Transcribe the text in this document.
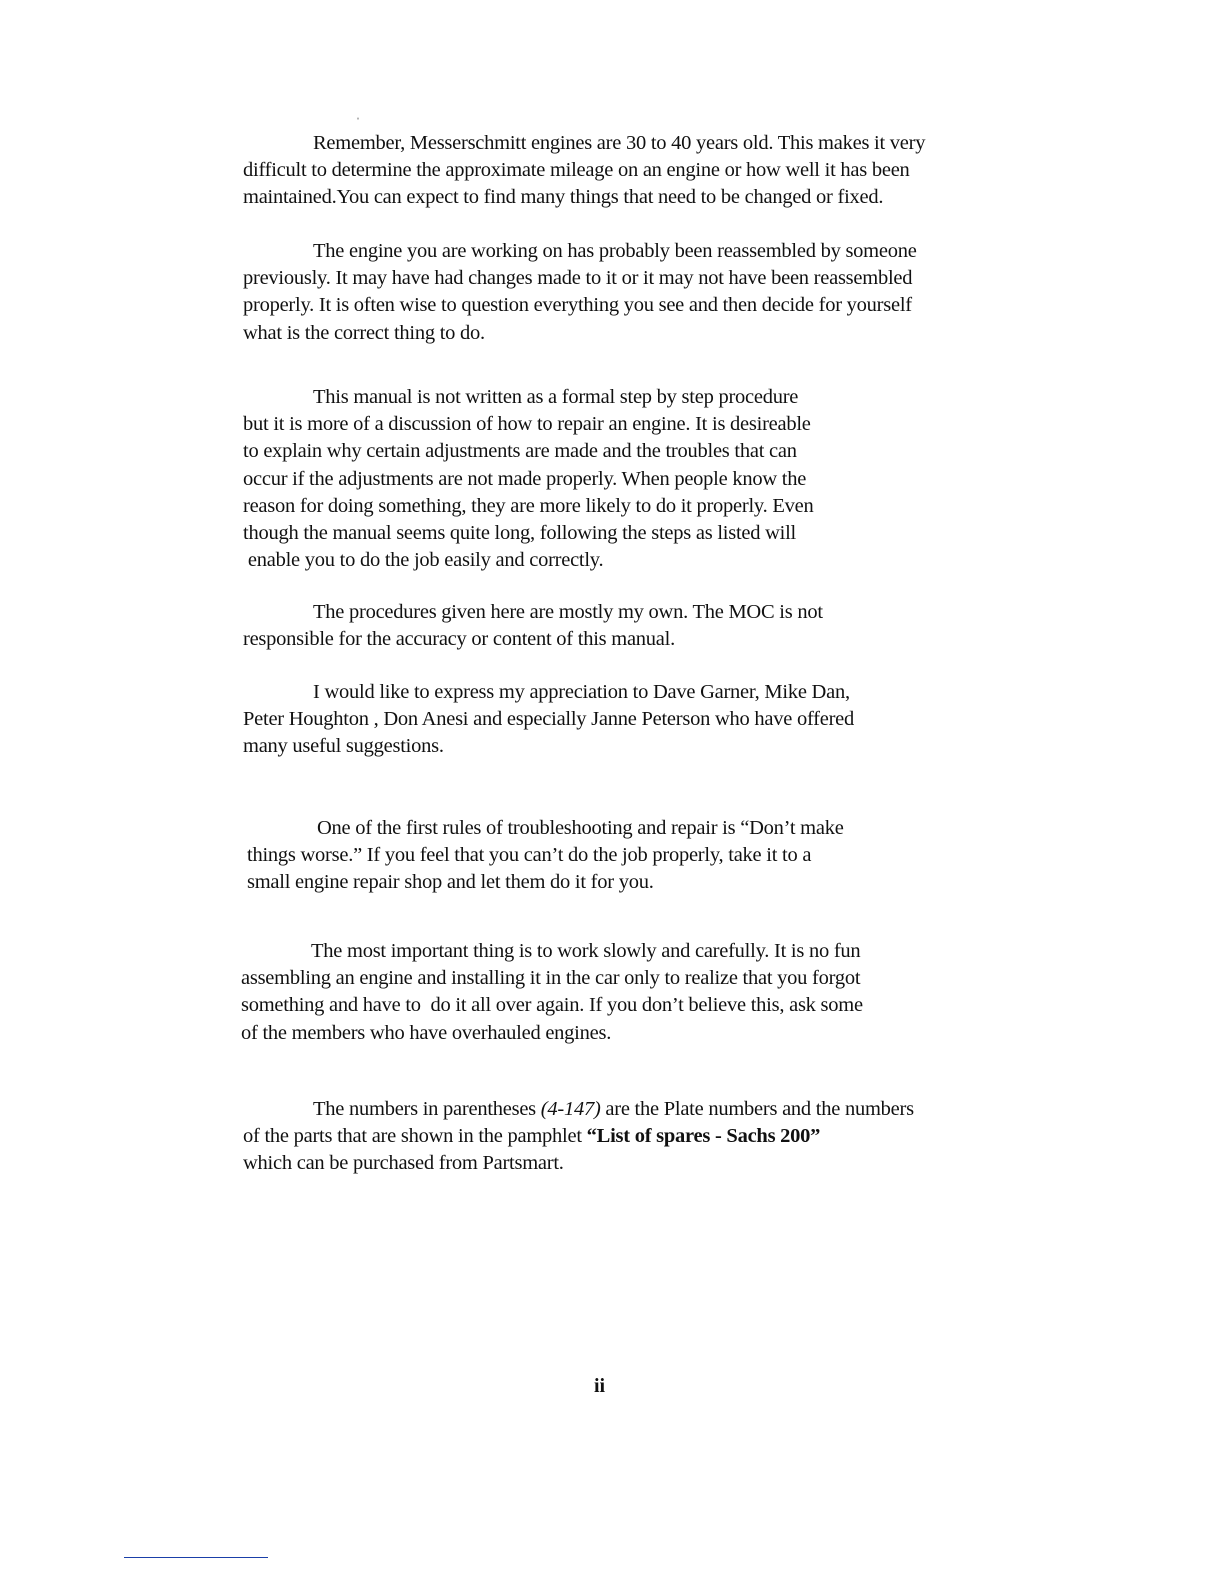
ˌ

Remember, Messerschmitt engines are 30 to 40 years old. This makes it very
difficult to determine the approximate mileage on an engine or how well it has been
maintained.You can expect to find many things that need to be changed or fixed.

The engine you are working on has probably been reassembled by someone
previously. It may have had changes made to it or it may not have been reassembled
properly. It is often wise to question everything you see and then decide for yourself
what is the correct thing to do.

This manual is not written as a formal step by step procedure
but it is more of a discussion of how to repair an engine. It is desireable
to explain why certain adjustments are made and the troubles that can
occur if the adjustments are not made properly. When people know the
reason for doing something, they are more likely to do it properly. Even
though the manual seems quite long, following the steps as listed will
enable you to do the job easily and correctly.

The procedures given here are mostly my own. The MOC is not
responsible for the accuracy or content of this manual.

I would like to express my appreciation to Dave Garner, Mike Dan,
Peter Houghton , Don Anesi and especially Janne Peterson who have offered
many useful suggestions.

One of the first rules of troubleshooting and repair is “Don’t make
things worse.” If you feel that you can’t do the job properly, take it to a
small engine repair shop and let them do it for you.

The most important thing is to work slowly and carefully. It is no fun
assembling an engine and installing it in the car only to realize that you forgot
something and have to  do it all over again. If you don’t believe this, ask some
of the members who have overhauled engines.

The numbers in parentheses (4-147) are the Plate numbers and the numbers
of the parts that are shown in the pamphlet “List of spares - Sachs 200”
which can be purchased from Partsmart.

ii
